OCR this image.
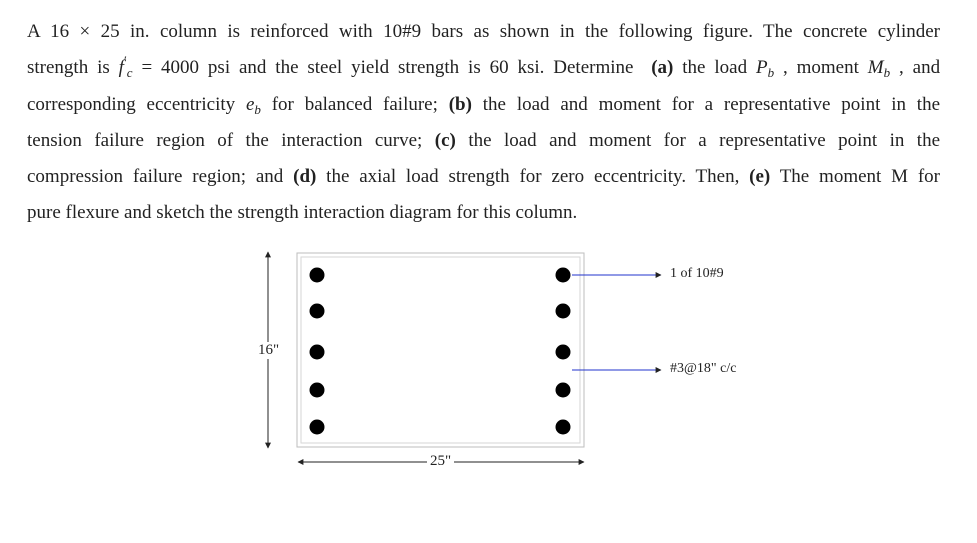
A 16 × 25 in. column is reinforced with 10#9 bars as shown in the following figure. The concrete cylinder
strength is $f'_c = 4000$ psi and the steel yield strength is 60 ksi. Determine (a) the load $P_b$ , moment $M_b$ , and
corresponding eccentricity $e_b$ for balanced failure; (b) the load and moment for a representative point in the
tension failure region of the interaction curve; (c) the load and moment for a representative point in the
compression failure region; and (d) the axial load strength for zero eccentricity. Then, (e) The moment M for
pure flexure and sketch the strength interaction diagram for this column.
16"
25"
1 of 10#9
#3@18" c/c
